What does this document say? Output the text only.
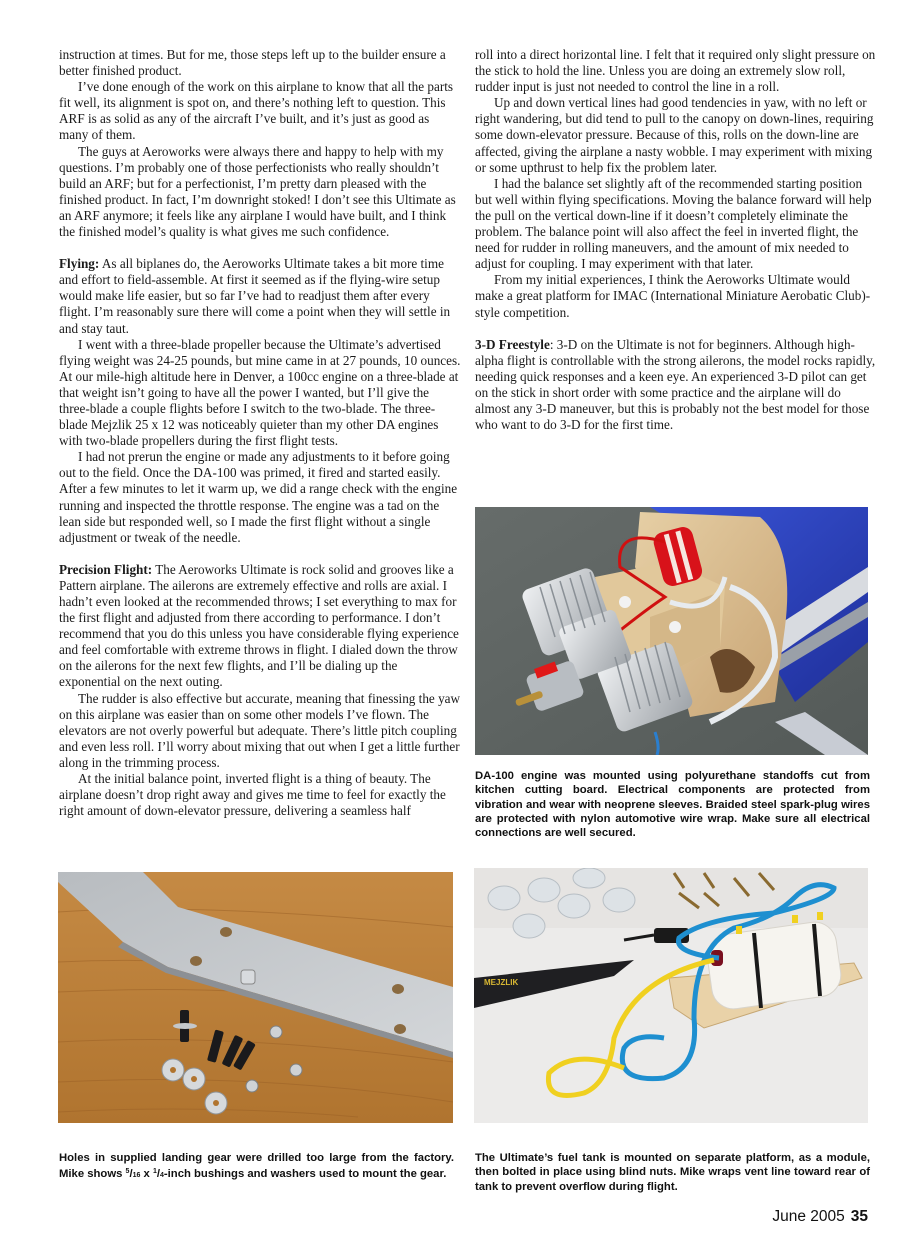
instruction at times. But for me, those steps left up to the builder ensure a better finished product.

I’ve done enough of the work on this airplane to know that all the parts fit well, its alignment is spot on, and there’s nothing left to question. This ARF is as solid as any of the aircraft I’ve built, and it’s just as good as many of them.

The guys at Aeroworks were always there and happy to help with my questions. I’m probably one of those perfectionists who really shouldn’t build an ARF; but for a perfectionist, I’m pretty darn pleased with the finished product. In fact, I’m downright stoked! I don’t see this Ultimate as an ARF anymore; it feels like any airplane I would have built, and I think the finished model’s quality is what gives me such confidence.

Flying: As all biplanes do, the Aeroworks Ultimate takes a bit more time and effort to field-assemble. At first it seemed as if the flying-wire setup would make life easier, but so far I’ve had to readjust them after every flight. I’m reasonably sure there will come a point when they will settle in and stay taut.

I went with a three-blade propeller because the Ultimate’s advertised flying weight was 24-25 pounds, but mine came in at 27 pounds, 10 ounces. At our mile-high altitude here in Denver, a 100cc engine on a three-blade at that weight isn’t going to have all the power I wanted, but I’ll give the three-blade a couple flights before I switch to the two-blade. The three-blade Mejzlik 25 x 12 was noticeably quieter than my other DA engines with two-blade propellers during the first flight tests.

I had not prerun the engine or made any adjustments to it before going out to the field. Once the DA-100 was primed, it fired and started easily. After a few minutes to let it warm up, we did a range check with the engine running and inspected the throttle response. The engine was a tad on the lean side but responded well, so I made the first flight without a single adjustment or tweak of the needle.

Precision Flight: The Aeroworks Ultimate is rock solid and grooves like a Pattern airplane. The ailerons are extremely effective and rolls are axial. I hadn’t even looked at the recommended throws; I set everything to max for the first flight and adjusted from there according to performance. I don’t recommend that you do this unless you have considerable flying experience and feel comfortable with extreme throws in flight. I dialed down the throw on the ailerons for the next few flights, and I’ll be dialing up the exponential on the next outing.

The rudder is also effective but accurate, meaning that finessing the yaw on this airplane was easier than on some other models I’ve flown. The elevators are not overly powerful but adequate. There’s little pitch coupling and even less roll. I’ll worry about mixing that out when I get a little further along in the trimming process.

At the initial balance point, inverted flight is a thing of beauty. The airplane doesn’t drop right away and gives me time to feel for exactly the right amount of down-elevator pressure, delivering a seamless half

roll into a direct horizontal line. I felt that it required only slight pressure on the stick to hold the line. Unless you are doing an extremely slow roll, rudder input is just not needed to control the line in a roll.

Up and down vertical lines had good tendencies in yaw, with no left or right wandering, but did tend to pull to the canopy on down-lines, requiring some down-elevator pressure. Because of this, rolls on the down-line are affected, giving the airplane a nasty wobble. I may experiment with mixing or some upthrust to help fix the problem later.

I had the balance set slightly aft of the recommended starting position but well within flying specifications. Moving the balance forward will help the pull on the vertical down-line if it doesn’t completely eliminate the problem. The balance point will also affect the feel in inverted flight, the need for rudder in rolling maneuvers, and the amount of mix needed to adjust for coupling. I may experiment with that later.

From my initial experiences, I think the Aeroworks Ultimate would make a great platform for IMAC (International Miniature Aerobatic Club)-style competition.

3-D Freestyle: 3-D on the Ultimate is not for beginners. Although high-alpha flight is controllable with the strong ailerons, the model rocks rapidly, needing quick responses and a keen eye. An experienced 3-D pilot can get on the stick in short order with some practice and the airplane will do almost any 3-D maneuver, but this is probably not the best model for those who want to do 3-D for the first time.

DA-100 engine was mounted using polyurethane standoffs cut from kitchen cutting board. Electrical components are protected from vibration and wear with neoprene sleeves. Braided steel spark-plug wires are protected with nylon automotive wire wrap. Make sure all electrical connections are well secured.
Holes in supplied landing gear were drilled too large from the factory. Mike shows $^5$/16 x $^1$/4-inch bushings and washers used to mount the gear.
MEJZLIK
The Ultimate’s fuel tank is mounted on separate platform, as a module, then bolted in place using blind nuts. Mike wraps vent line toward rear of tank to prevent overflow during flight.
June 2005 35
